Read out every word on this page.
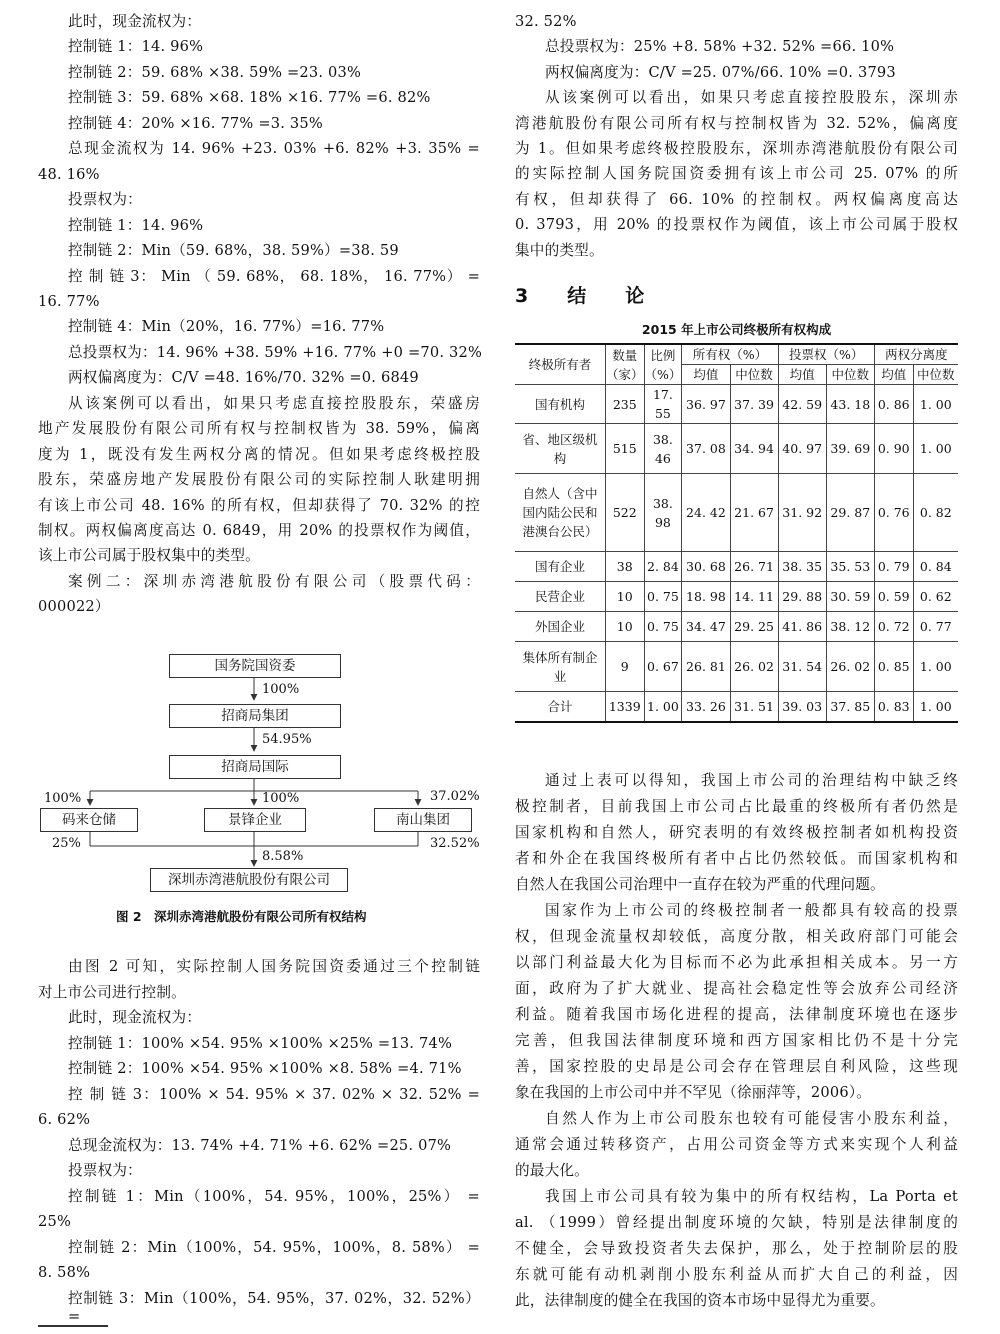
此时，现金流权为：
控制链 1：14. 96%
控制链 2：59. 68% ×38. 59% =23. 03%
控制链 3：59. 68% ×68. 18% ×16. 77% =6. 82%
控制链 4：20% ×16. 77% =3. 35%
总现金流权为 14. 96% +23. 03% +6. 82% +3. 35% =
48. 16%
投票权为：
控制链 1：14. 96%
控制链 2：Min（59. 68%，38. 59%）=38. 59
控 制 链 3： Min （ 59. 68%， 68. 18%， 16. 77%） =
16. 77%
控制链 4：Min（20%，16. 77%）=16. 77%
总投票权为：14. 96% +38. 59% +16. 77% +0 =70. 32%
两权偏离度为：C/V =48. 16%/70. 32% =0. 6849
从该案例可以看出，如果只考虑直接控股股东，荣盛房
地产发展股份有限公司所有权与控制权皆为 38. 59%，偏离
度为 1，既没有发生两权分离的情况。但如果考虑终极控股
股东，荣盛房地产发展股份有限公司的实际控制人耿建明拥
有该上市公司 48. 16% 的所有权，但却获得了 70. 32% 的控
制权。两权偏离度高达 0. 6849，用 20% 的投票权作为阈值，
该上市公司属于股权集中的类型。
案例二：深圳赤湾港航股份有限公司（股票代码：
000022）
国务院国资委
招商局集团
招商局国际
码来仓储	景锋企业	南山集团
深圳赤湾港航股份有限公司
100%
54.95%
100%	100%	37.02%
25%
8.58%
32.52%
图 2　深圳赤湾港航股份有限公司所有权结构
由图 2 可知，实际控制人国务院国资委通过三个控制链
对上市公司进行控制。
此时，现金流权为：
控制链 1：100% ×54. 95% ×100% ×25% =13. 74%
控制链 2：100% ×54. 95% ×100% ×8. 58% =4. 71%
控 制 链 3：100% × 54. 95% × 37. 02% × 32. 52% =
6. 62%
总现金流权为：13. 74% +4. 71% +6. 62% =25. 07%
投票权为：
控制链 1：Min（100%，54. 95%，100%，25%） =
25%
控制链 2：Min（100%，54. 95%，100%，8. 58%） =
8. 58%
控制链 3：Min（100%，54. 95%，37. 02%，32. 52%） =
32. 52%
总投票权为：25% +8. 58% +32. 52% =66. 10%
两权偏离度为：C/V =25. 07%/66. 10% =0. 3793
从该案例可以看出，如果只考虑直接控股股东，深圳赤
湾港航股份有限公司所有权与控制权皆为 32. 52%，偏离度
为 1。但如果考虑终极控股股东，深圳赤湾港航股份有限公司
的实际控制人国务院国资委拥有该上市公司 25. 07% 的所
有权，但却获得了 66. 10% 的控制权。两权偏离度高达
0. 3793，用 20% 的投票权作为阈值，该上市公司属于股权
集中的类型。
3　结　论
2015 年上市公司终极所有权构成
终极所有者	数量（家）	比例（%）	所有权（%）		投票权（%）		两权分离度	
			均值	中位数	均值	中位数	均值	中位数
国有机构	235	17. 55	36. 97	37. 39	42. 59	43. 18	0. 86	1. 00
省、地区级机构	515	38. 46	37. 08	34. 94	40. 97	39. 69	0. 90	1. 00
自然人（含中国内陆公民和港澳台公民）	522	38. 98	24. 42	21. 67	31. 92	29. 87	0. 76	0. 82
国有企业	38	2. 84	30. 68	26. 71	38. 35	35. 53	0. 79	0. 84
民营企业	10	0. 75	18. 98	14. 11	29. 88	30. 59	0. 59	0. 62
外国企业	10	0. 75	34. 47	29. 25	41. 86	38. 12	0. 72	0. 77
集体所有制企业	9	0. 67	26. 81	26. 02	31. 54	26. 02	0. 85	1. 00
合计	1339	1. 00	33. 26	31. 51	39. 03	37. 85	0. 83	1. 00
通过上表可以得知，我国上市公司的治理结构中缺乏终
极控制者，目前我国上市公司占比最重的终极所有者仍然是
国家机构和自然人，研究表明的有效终极控制者如机构投资
者和外企在我国终极所有者中占比仍然较低。而国家机构和
自然人在我国公司治理中一直存在较为严重的代理问题。
国家作为上市公司的终极控制者一般都具有较高的投票
权，但现金流量权却较低，高度分散，相关政府部门可能会
以部门利益最大化为目标而不必为此承担相关成本。另一方
面，政府为了扩大就业、提高社会稳定性等会放弃公司经济
利益。随着我国市场化进程的提高，法律制度环境也在逐步
完善，但我国法律制度环境和西方国家相比仍不是十分完
善，国家控股的史昂是公司会存在管理层自利风险，这些现
象在我国的上市公司中并不罕见（徐丽萍等，2006）。
自然人作为上市公司股东也较有可能侵害小股东利益，
通常会通过转移资产，占用公司资金等方式来实现个人利益
的最大化。
我国上市公司具有较为集中的所有权结构，La Porta et
al. （1999）曾经提出制度环境的欠缺，特别是法律制度的
不健全，会导致投资者失去保护，那么，处于控制阶层的股
东就可能有动机剥削小股东利益从而扩大自己的利益，因
此，法律制度的健全在我国的资本市场中显得尤为重要。
